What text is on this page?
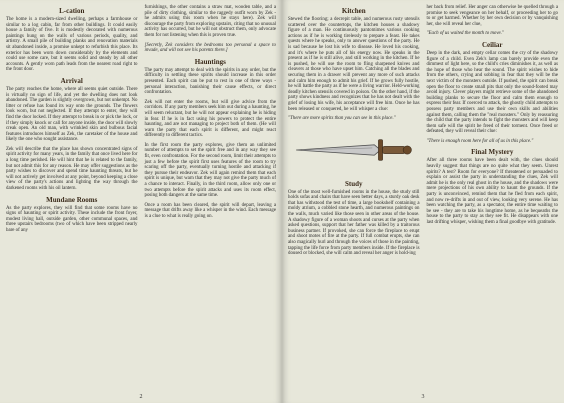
L-cation

The home is a modern-sized dwelling, perhaps a farmhouse or similar to a log cabin, far from other buildings. It could easily house a family of five. It is modestly decorated with numerous paintings hung on the walls of various periods, quality, and artistry. A small pile of building planks and renovation materials sit abandoned inside, a promise unkept to refurbish this place. Its exterior has been worn down considerably by the elements and could use some care, but it seems solid and steady by all other accounts. A gently worn path leads from the nearest road right to the front door.

Arrival

The party reaches the home, where all seems quiet outside. There is virtually no sign of life, and yet the dwelling does not look abandoned. The garden is slightly overgrown, but not unkempt. No litter or refuse has found its way onto the grounds. The flowers look worn, but not neglected. If they attempt to enter, they will find the door locked. If they attempt to break in or pick the lock, or if they simply knock or call for anyone inside, the door will slowly creak open. An old man, with wrinkled skin and bulbous facial features introduces himself as Zek, the caretaker of the house and likely the one who sought assistance.

Zek will describe that the place has shown concentrated signs of spirit activity for many years, in the family that once lived here for a long time perished. He will hint that he is related to the family, but not admit this for any reason. He may offer suggestions as the party wishes to discover and spend time haunting threats, but he will not actively get involved at any point, beyond keeping a close view of the party's actions and lighting the way through the darkened rooms with his oil lantern.

Mundane Rooms

As the party explores, they will find that some rooms have no signs of haunting or spirit activity. These include the front foyer, modest living hall, outside garden, other communal spaces, and three upstairs bedrooms (two of which have been stripped nearly bare of any

furnishings, the other contains a straw mat, wooden table, and a pile of dirty clothing, similar to the raggedy outfit worn by Zek - he admits using this room when he stays here). Zek will discourage the party from exploring upstairs, citing that no unusual activity has occurred, but he will not obstruct them, only advocate them for not listening when this is proven true.

[Secretly, Zek considers the bedrooms too personal a space to invade, and will not see his parents there.]

Hauntings

The party may attempt to deal with the spirits in any order, but the difficulty in settling these spirits should increase in this order presented. Each spirit can be put to rest in one of three ways - personal interaction, banishing their cause effects, or direct confrontation.

Zek will not enter the rooms, but will give advice from the corridors. If any party members seek him out during a haunting, he will seem reluctant, but he will not appear explaining he is hiding in fear. If he is in fact using his powers to protect the entire haunting, and are not managing to project both of them. (He will warn the party that each spirit is different, and might react differently to different tactics.

In the first room the party explores, give them an unlimited number of attempts to set the spirit free and in any way they see fit, even confrontation. For the second room, limit their attempts to just a few before the spirit first uses features of the room to try scaring off the party, eventually turning hostile and attacking if they pursue their endeavor. Zek will again remind them that each spirit is unique, but warn that they may not give the party much of a chance to interact. Finally, in the third room, allow only one or two attempts before the spirit attacks and uses its room effect, posing both dangers at the same time.

Once a room has been cleared, the spirit will depart, leaving a message that drifts away like a whisper in the wind. Each message is a clue to what is really going on.

2
Kitchen

Stewed the flooring; a decrepit table, and numerous rusty utensils scattered over the countertops, the kitchen houses a shadowy figure of a man. He continuously pantomimes various cooking actions as if he is working tirelessly to prepare a feast. He takes quests where he speaks, only to answer questions of the party. He is sad because he lost his wife to disease. He loved his cooking, and it's where he puts all of his energy now. He speaks in the present as if he is still alive, and still working in the kitchen. If he is pushed, he will use the room to fling sharpened knives and cleavers at those who have upset him. Catching all the blades and securing them in a drawer will prevent any more of such attacks and calm him enough to admit his grief. If he grows fully hostile, he will battle the party as if he were a living warrior. Held-working deadly kitchen utensils covered in poison. On the other hand, if the party shows kindness and recognizes that he has not dealt with the grief of losing his wife, his acceptance will free him. Once he has been released or conquered, he will whisper a clue:

"There are more spirits than you can see in this place."

Study

One of the most well-furnished rooms in the house, the study still holds sofas and chairs that have seen better days, a sturdy oak desk that has withstood the test of time, a large bookshelf containing a moldy atrium, a cobbled stone hearth, and numerous paintings on the walls, much varied like those seen in other areas of the house. A shadowy figure of a woman shoots and curses at the party when asked questions, support that her father was killed by a traitorous business partner. If provoked, she can force the fireplace to erupt and shoot motes of fire at the party. If full combat erupts, she can also magically hurl and through the voices of those in the painting, tapping the life force from party members inside. If the fireplace is doused or blocked, she will calm and reveal her anger is hold-ing

her back from relief. Her anger can otherwise be quelled through a promise to seek vengeance on her behalf, or proceeding her to go to or get harmed. Whether by her own decision or by vanquishing her, she will reveal her clue,

"Each of us waited the month to move."

Ceiliar

Deep in the dark, and empty cellar comes the cry of the shadowy figure of a child. Even Zek's lamp can barely provide even the dimmest of light here, so the child's cries diminishes it, as well as the hope of those who hear the sound. The spirit wishes to hide from the others, crying and sobbing in fear that they will be the next victim of the monsters outside. If pushed, the spirit can break open the floor to create small pits that only the sound-footed may avoid injury. Clever players might retrieve some of the abandoned building planks to secure the floor and calm them enough to express their fear. If coerced to attack, the ghostly child attempts to possess party members and use their own skills and abilities against them, calling them the "real monsters." Only by reassuring the child that the party intends to fight the monsters and will keep them safe will the spirit be freed of their torment. Once freed or defeated, they will reveal their clue:

"There is enough room here for all of us in this place."

Final Mystery

After all three rooms have been dealt with, the clues should heavily suggest that things are no quite what they seem. Unrest spirits? A test? Room for everyone? If threatened or persuaded to explain or assist the party in understanding the clues, Zek will admit he is the only real ghost in the house, and the shadows were mere projections of his own ability to haunt the grounds. If the party is unconvinced, remind them that he fled from each spirit, and now re-drifts in and out of view, looking very serene. He has been watching the party, as a spectator, the entire time waiting to be see - they are to take his longtime home, as he bequeaths the house to the party to stay as they see fit. He disappears with one last drifting whisper, wishing them a final goodbye with gratitude.

3
